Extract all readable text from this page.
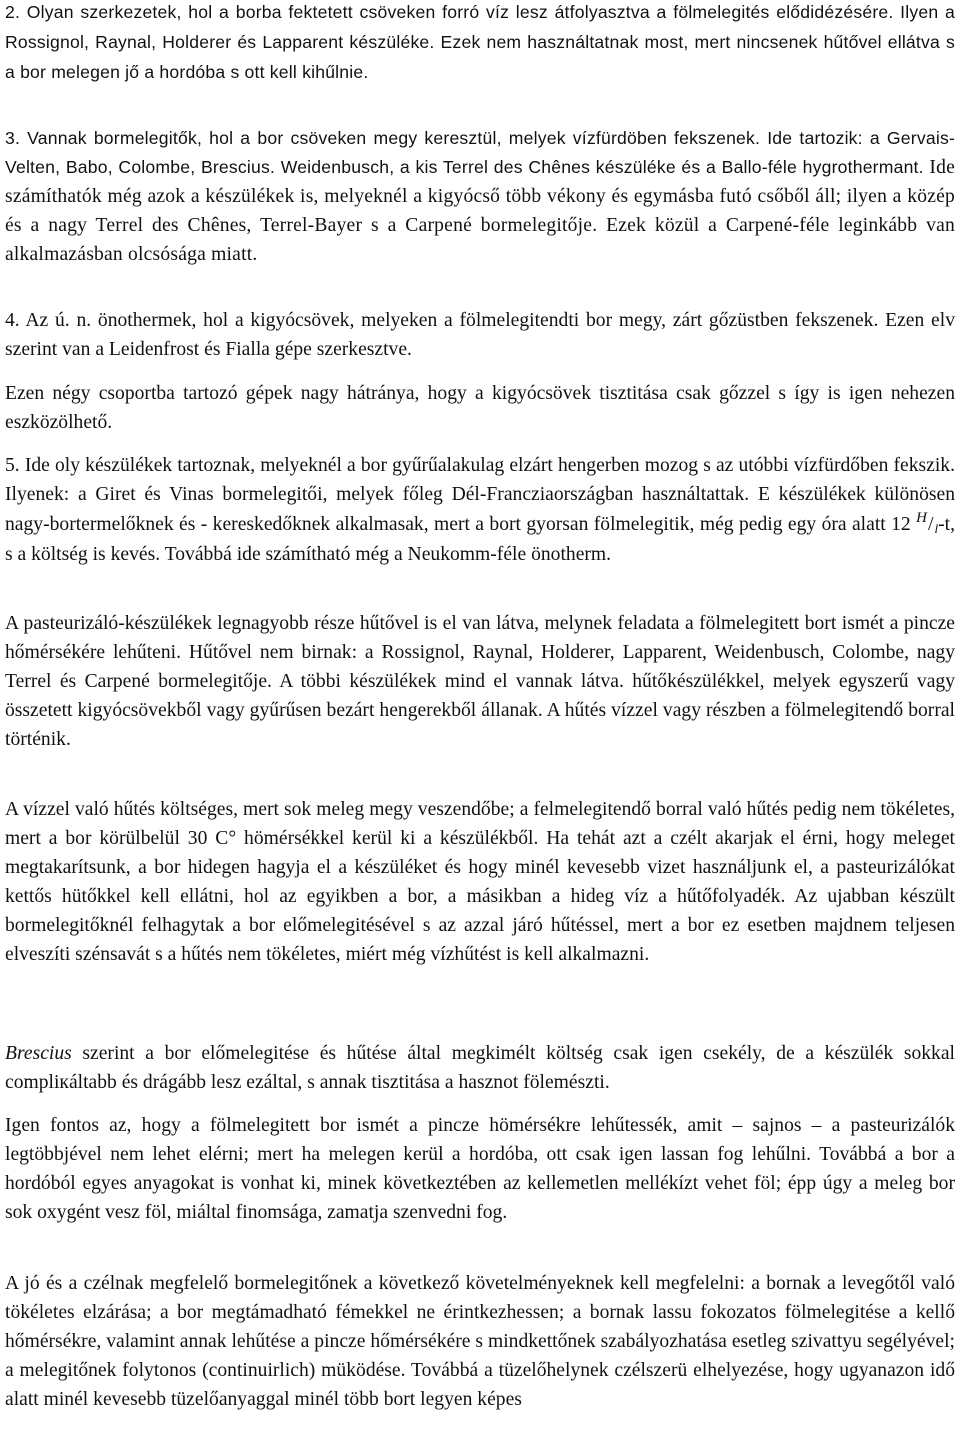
2. Olyan szerkezetek, hol a borba fektetett csöveken forró víz lesz átfolyasztva a fölmelegités elődidézésére. Ilyen a Rossignol, Raynal, Holderer és Lapparent készüléke. Ezek nem használtatnak most, mert nincsenek hűtővel ellátva s a bor melegen jő a hordóba s ott kell kihűlnie.

3. Vannak bormelegitők, hol a bor csöveken megy keresztül, melyek vízfürdöben fekszenek. Ide tartozik: a Gervais-Velten, Babo, Colombe, Brescius. Weidenbusch, a kis Terrel des Chênes készüléke és a Ballo-féle hygrothermant. Ide számíthatók még azok a készülékek is, melyeknél a kigyócső több vékony és egymásba futó csőből áll; ilyen a közép és a nagy Terrel des Chênes, Terrel-Bayer s a Carpené bormelegitője. Ezek közül a Carpené-féle leginkább van alkalmazásban olcsósága miatt.

4. Az ú. n. önothermek, hol a kigyócsövek, melyeken a fölmelegitendti bor megy, zárt gőzüstben fekszenek. Ezen elv szerint van a Leidenfrost és Fialla gépe szerkesztve.

Ezen négy csoportba tartozó gépek nagy hátránya, hogy a kigyócsövek tisztitása csak gőzzel s így is igen nehezen eszközölhető.

5. Ide oly készülékek tartoznak, melyeknél a bor gyűrűalakulag elzárt hengerben mozog s az utóbbi vízfürdőben fekszik. Ilyenek: a Giret és Vinas bormelegitői, melyek főleg Dél-Francziaországban használtattak. E készülékek különösen nagy-bortermelőknek és - kereskedőknek alkalmasak, mert a bort gyorsan fölmelegitik, még pedig egy óra alatt 12 H/l-t, s a költség is kevés. Továbbá ide számítható még a Neukomm-féle önotherm.

A pasteurizáló-készülékek legnagyobb része hűtővel is el van látva, melynek feladata a fölmelegitett bort ismét a pincze hőmérsékére lehűteni. Hűtővel nem birnak: a Rossignol, Raynal, Holderer, Lapparent, Weidenbusch, Colombe, nagy Terrel és Carpené bormelegitője. A többi készülékek mind el vannak látva. hűtőkészülékkel, melyek egyszerű vagy összetett kigyócsövekből vagy gyűrűsen bezárt hengerekből állanak. A hűtés vízzel vagy részben a fölmelegitendő borral történik.

A vízzel való hűtés költséges, mert sok meleg megy veszendőbe; a felmelegitendő borral való hűtés pedig nem tökéletes, mert a bor körülbelül 30 C° hömérsékkel kerül ki a készülékből. Ha tehát azt a czélt akarjak el érni, hogy meleget megtakarítsunk, a bor hidegen hagyja el a készüléket és hogy minél kevesebb vizet használjunk el, a pasteurizálókat kettős hütőkkel kell ellátni, hol az egyikben a bor, a másikban a hideg víz a hűtőfolyadék. Az ujabban készült bormelegitőknél felhagytak a bor előmelegitésével s az azzal járó hűtéssel, mert a bor ez esetben majdnem teljesen elveszíti szénsavát s a hűtés nem tökéletes, miért még vízhűtést is kell alkalmazni.

Brescius szerint a bor előmelegitése és hűtése által megkimélt költség csak igen csekély, de a készülék sokkal compliкáltabb és drágább lesz ezáltal, s annak tisztitása a hasznot fölemészti.

Igen fontos az, hogy a fölmelegitett bor ismét a pincze hömérsékre lehűtessék, amit – sajnos – a pasteurizálók legtöbbjével nem lehet elérni; mert ha melegen kerül a hordóba, ott csak igen lassan fog lehűlni. Továbbá a bor a hordóból egyes anyagokat is vonhat ki, minek következtében az kellemetlen mellékízt vehet föl; épp úgy a meleg bor sok oxygént vesz föl, miáltal finomsága, zamatja szenvedni fog.

A jó és a czélnak megfelelő bormelegitőnek a következő követelményeknek kell megfelelni: a bornak a levegőtől való tökéletes elzárása; a bor megtámadható fémekkel ne érintkezhessen; a bornak lassu fokozatos fölmelegitése a kellő hőmérsékre, valamint annak lehűtése a pincze hőmérsékére s mindkettőnek szabályozhatása esetleg szivattyu segélyével; a melegitőnek folytonos (continuirlich) müködése. Továbbá a tüzelőhelynek czélszerü elhelyezése, hogy ugyanazon idő alatt minél kevesebb tüzelőanyaggal minél több bort legyen képes
